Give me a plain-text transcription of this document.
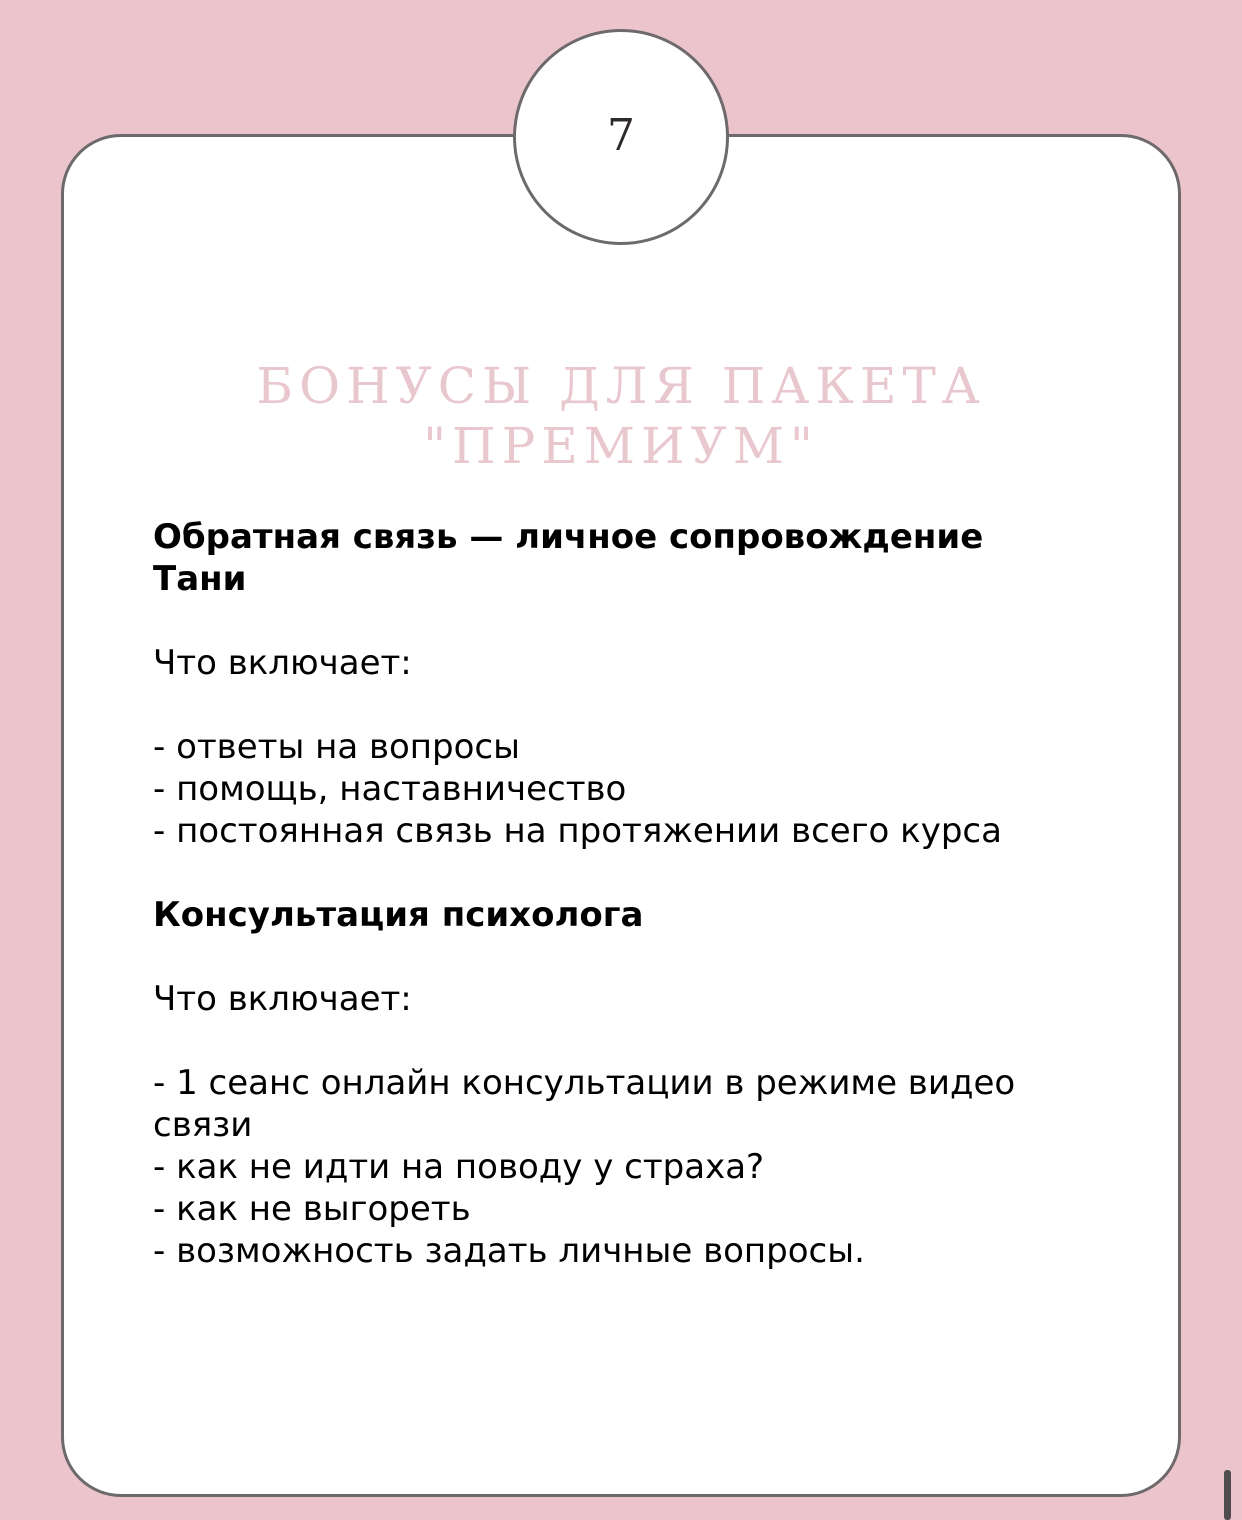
7
БОНУСЫ ДЛЯ ПАКЕТА
"ПРЕМИУМ"
Обратная связь — личное сопровождение
Тани
Что включает:
- ответы на вопросы
- помощь, наставничество
- постоянная связь на протяжении всего курса
Консультация психолога
Что включает:
- 1 сеанс онлайн консультации в режиме видео
связи
- как не идти на поводу у страха?
- как не выгореть
- возможность задать личные вопросы.
